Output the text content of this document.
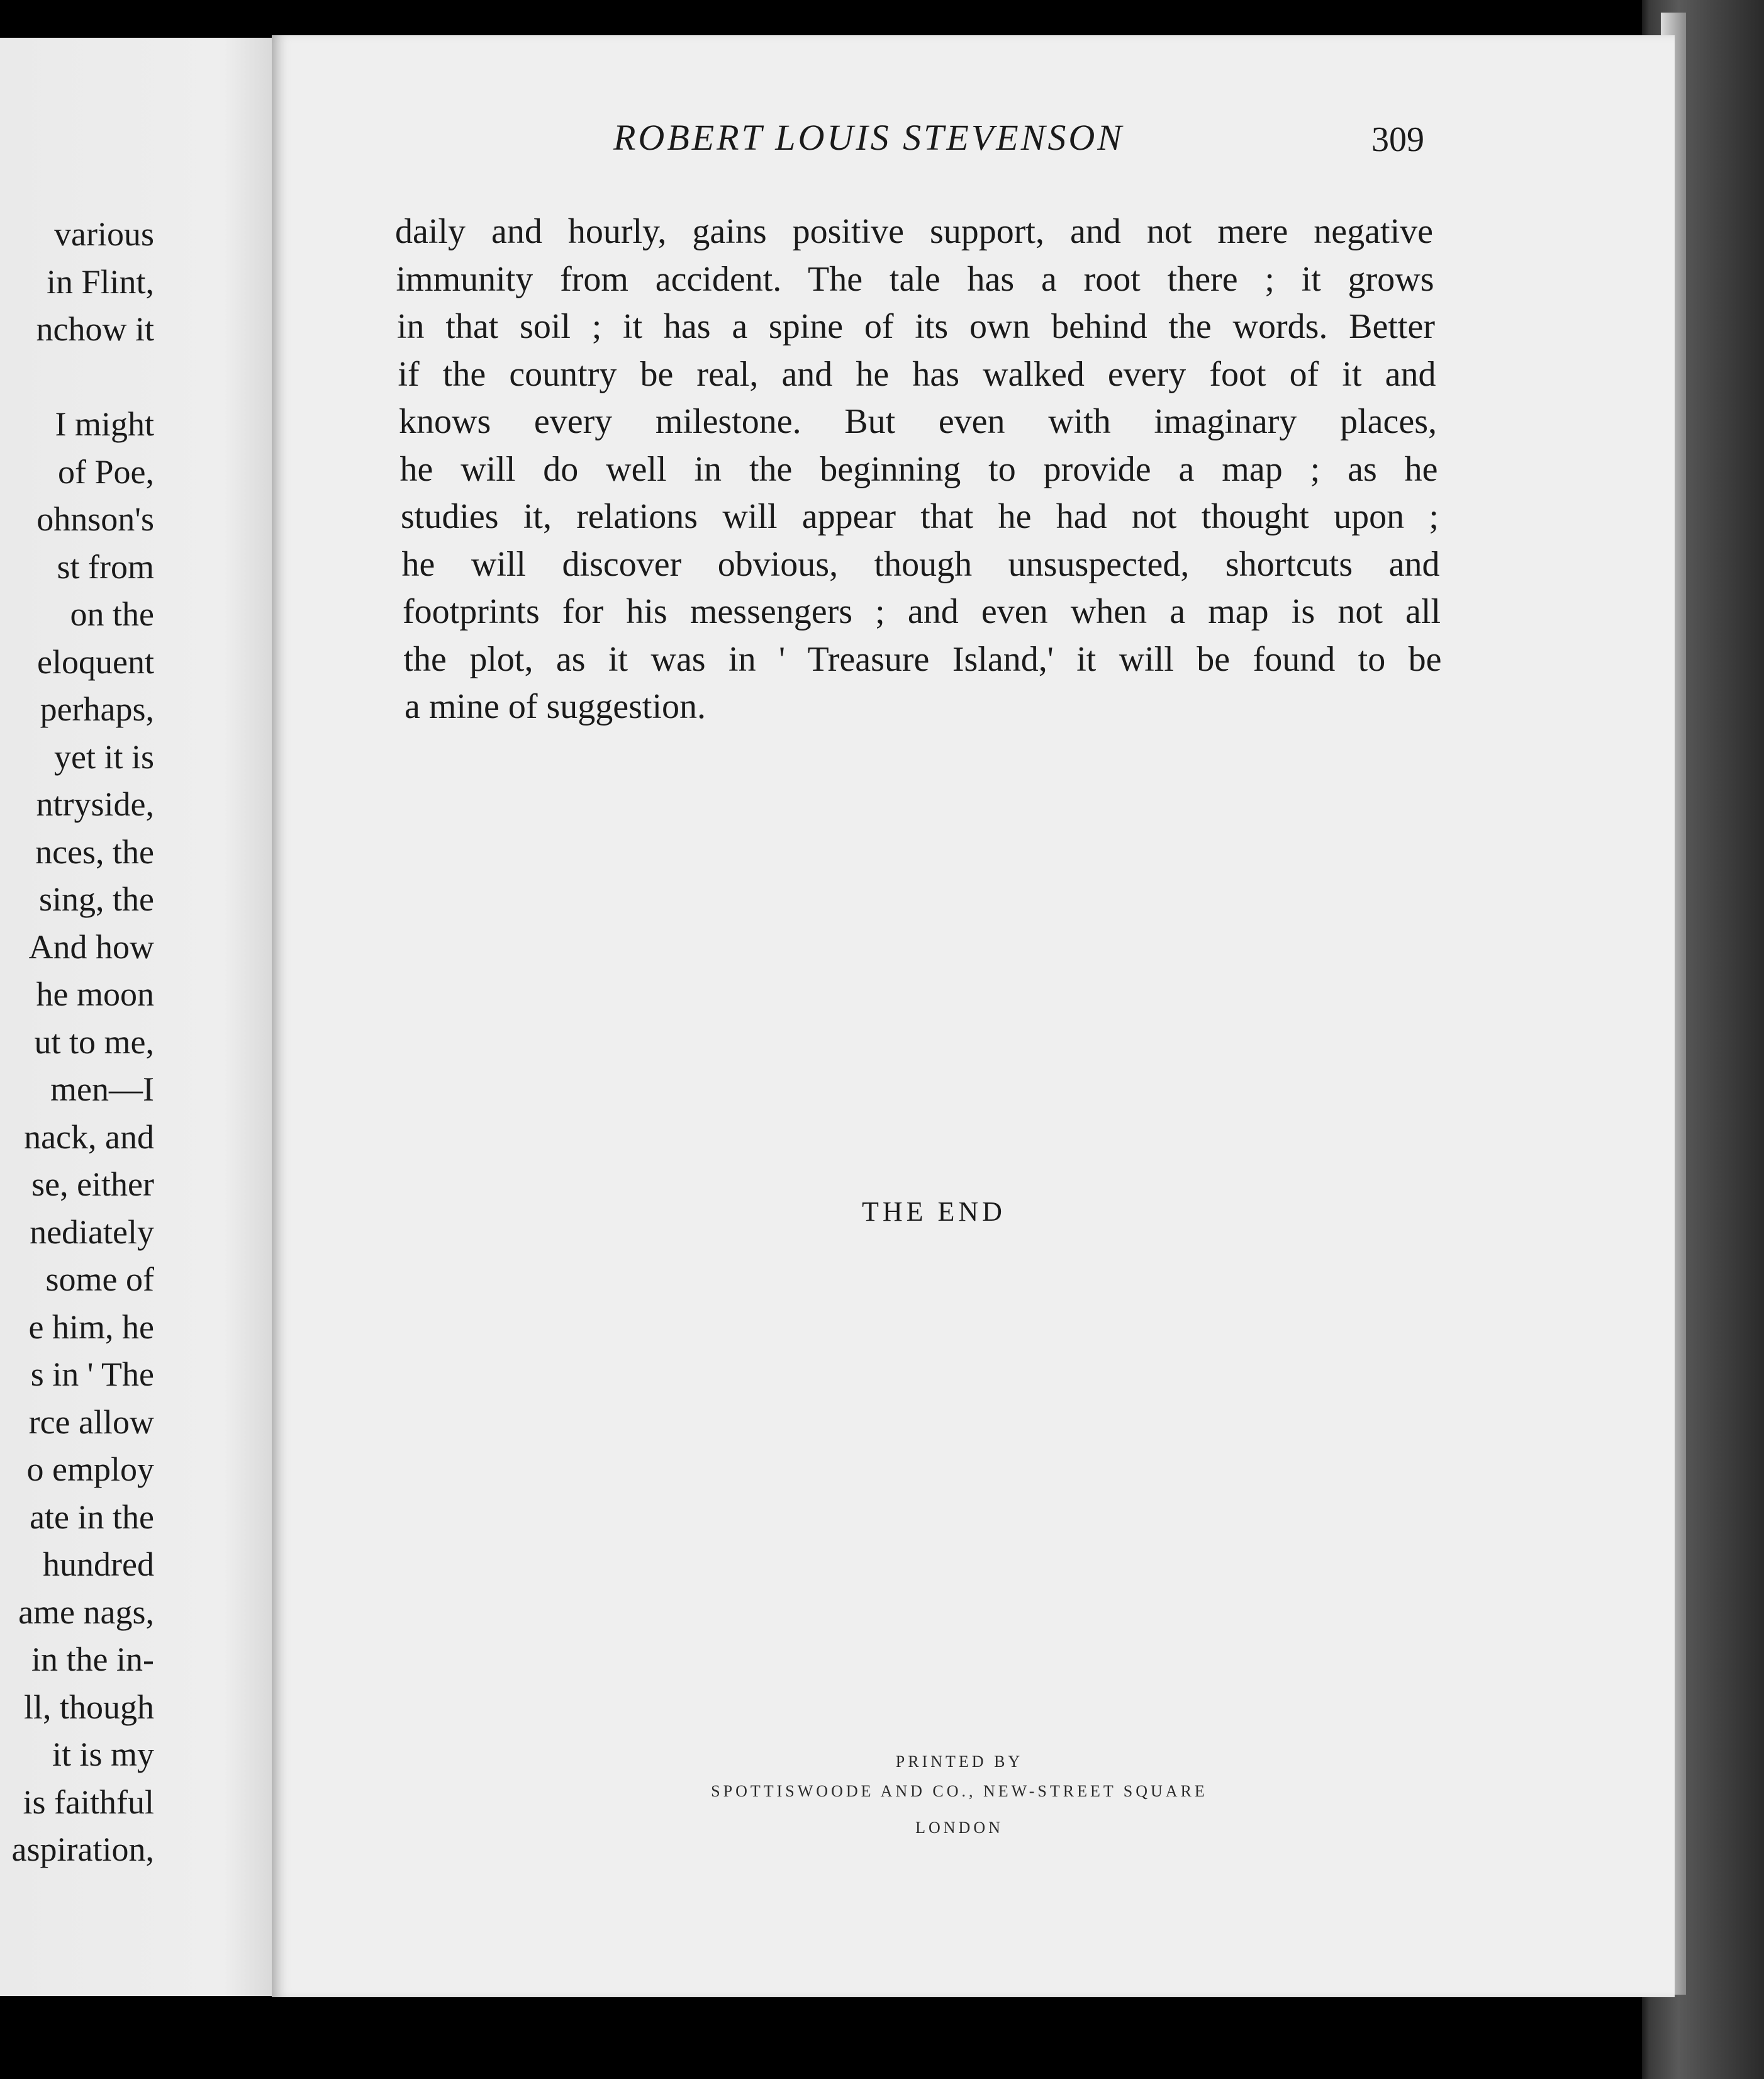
various
in Flint,
nchow it
I might
of Poe,
ohnson's
st from
on the
eloquent
perhaps,
yet it is
ntryside,
nces, the
sing, the
And how
he moon
ut to me,
men—I
nack, and
se, either
nediately
some of
e him, he
s in ' The
rce allow
o employ
ate in the
hundred
ame nags,
in the in-
ll, though
it is my
is faithful
aspiration,
ROBERT LOUIS STEVENSON	309
daily and hourly, gains positive support, and not mere negative
immunity from accident. The tale has a root there ; it grows
in that soil ; it has a spine of its own behind the words. Better
if the country be real, and he has walked every foot of it and
knows every milestone. But even with imaginary places,
he will do well in the beginning to provide a map ; as he
studies it, relations will appear that he had not thought upon ;
he will discover obvious, though unsuspected, shortcuts and
footprints for his messengers ; and even when a map is not all
the plot, as it was in ' Treasure Island,' it will be found to be
a mine of suggestion.
THE END
PRINTED BY
SPOTTISWOODE AND CO., NEW-STREET SQUARE
LONDON
